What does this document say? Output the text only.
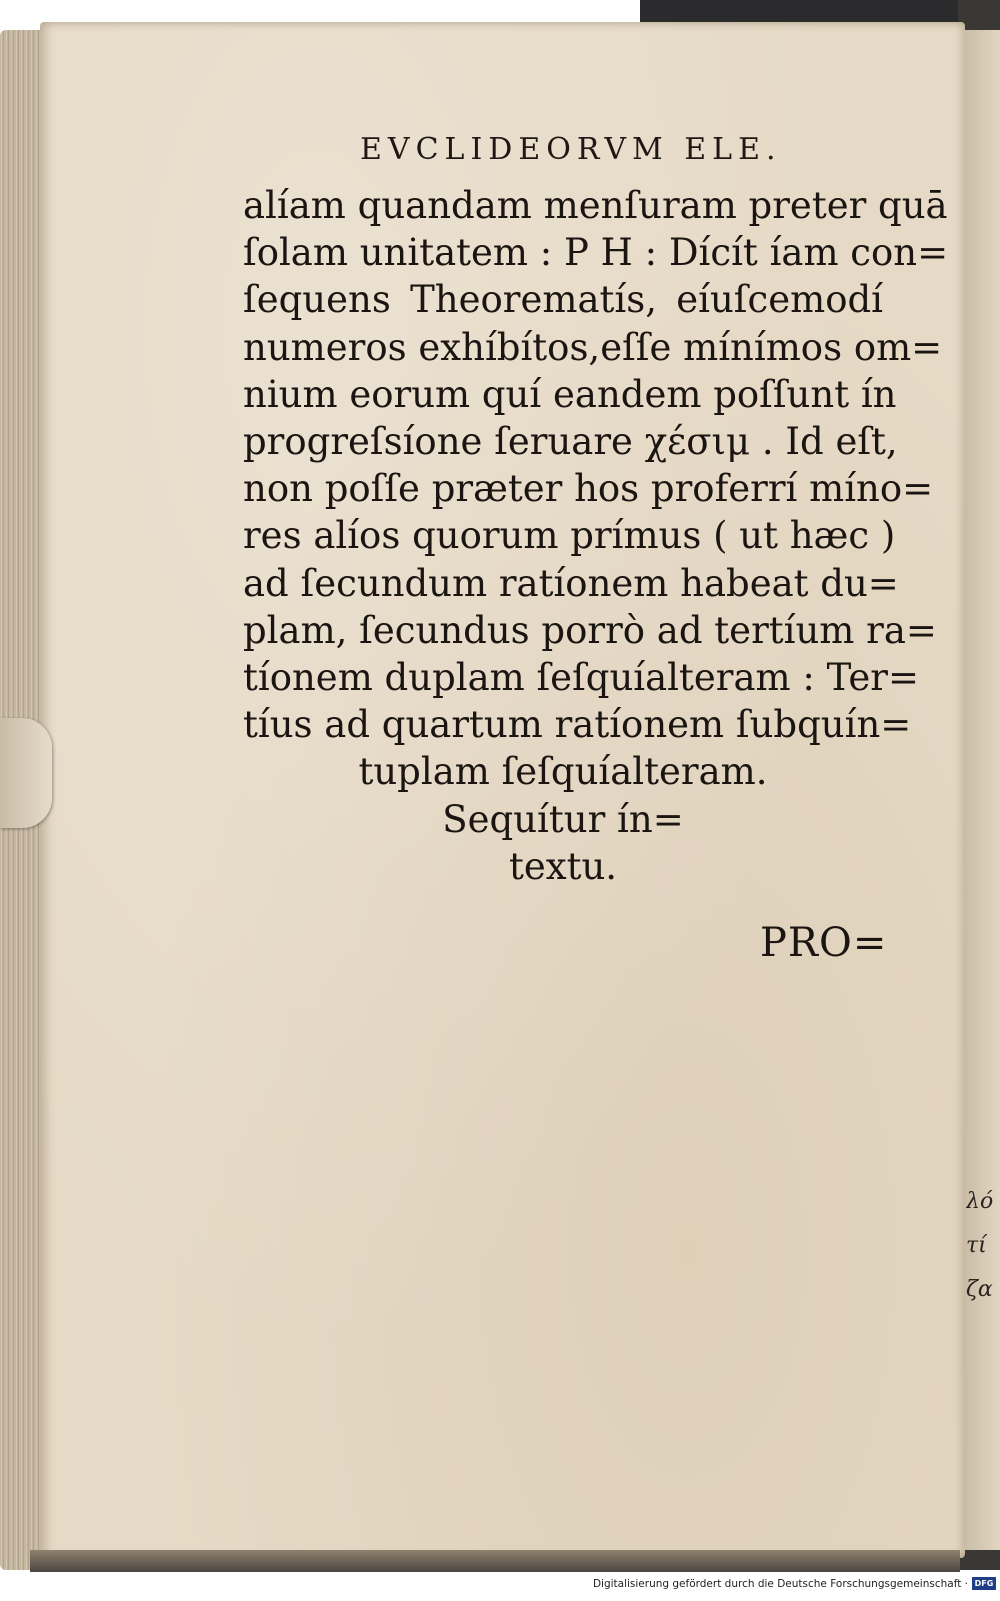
λό
τί
ζα
EVCLIDEORVM ELE.
alíam quandam menſuram preter quā
ſolam unitatem : P H : Dícít íam con=
ſequens Theorematís, eíuſcemodí
numeros exhíbítos,eſſe mínímos om=
nium eorum quí eandem poſſunt ín
progreſsíone ſeruare χέσιμ . Id eſt,
non poſſe præter hos proferrí míno=
res alíos quorum prímus ( ut hæc )
ad ſecundum ratíonem habeat du=
plam, ſecundus porrò ad tertíum ra=
tíonem duplam ſeſquíalteram : Ter=
tíus ad quartum ratíonem ſubquín=
tuplam ſeſquíalteram.
Sequítur ín=
textu.
PRO=
Digitalisierung gefördert durch die Deutsche Forschungsgemeinschaft · DFG
